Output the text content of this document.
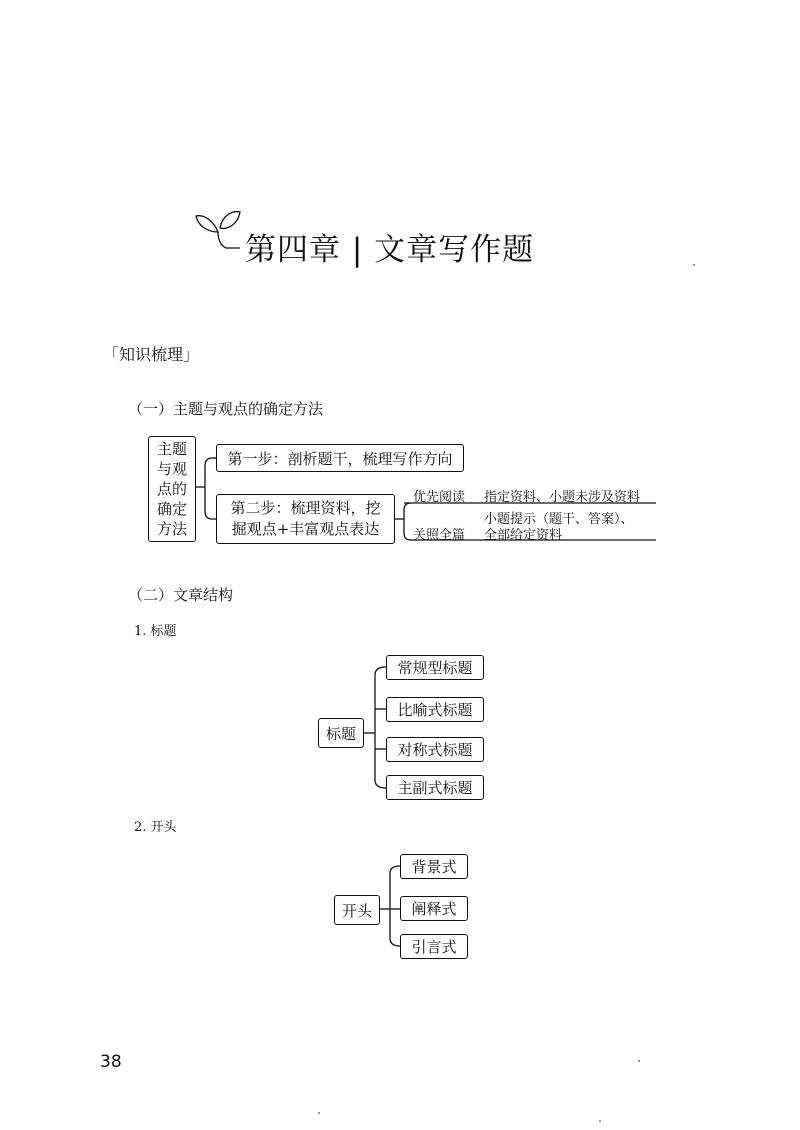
第四章 | 文章写作题
「知识梳理」
（一）主题与观点的确定方法
主题
与观
点的
确定
方法
第一步：剖析题干，梳理写作方向
第二步：梳理资料，挖
掘观点+丰富观点表达
优先阅读 指定资料、小题未涉及资料
小题提示（题干、答案）、
关照全篇 全部给定资料
（二）文章结构
1. 标题
标题
常规型标题
比喻式标题
对称式标题
主副式标题
2. 开头
开头
背景式
阐释式
引言式
38
